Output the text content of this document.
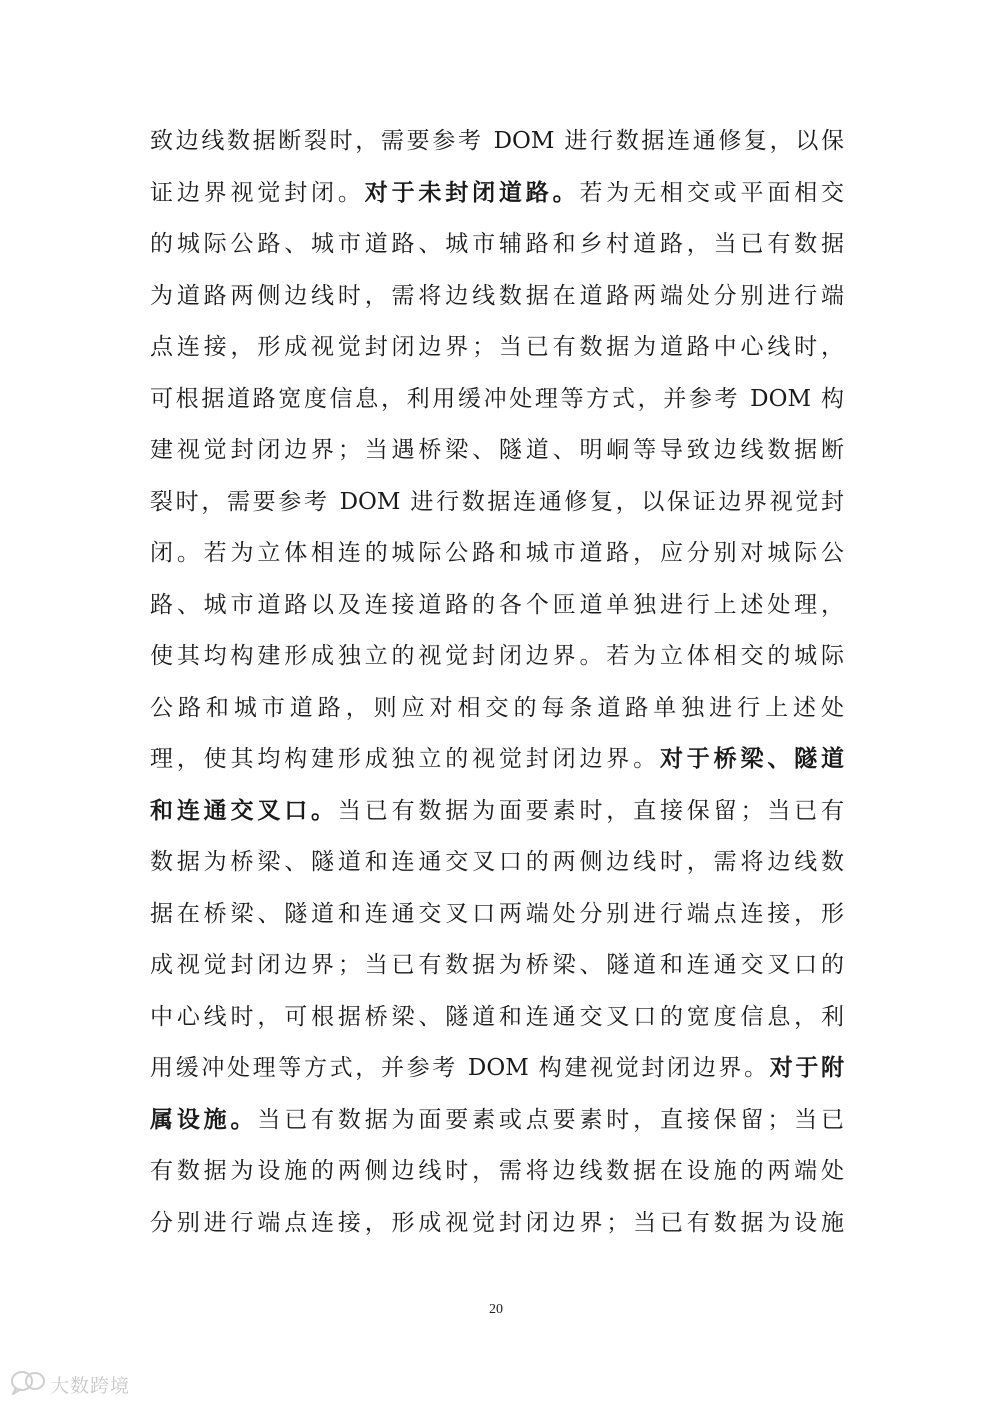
致边线数据断裂时，需要参考 DOM 进行数据连通修复，以保
证边界视觉封闭。对于未封闭道路。若为无相交或平面相交
的城际公路、城市道路、城市辅路和乡村道路，当已有数据
为道路两侧边线时，需将边线数据在道路两端处分别进行端
点连接，形成视觉封闭边界；当已有数据为道路中心线时，
可根据道路宽度信息，利用缓冲处理等方式，并参考 DOM 构
建视觉封闭边界；当遇桥梁、隧道、明峒等导致边线数据断
裂时，需要参考 DOM 进行数据连通修复，以保证边界视觉封
闭。若为立体相连的城际公路和城市道路，应分别对城际公
路、城市道路以及连接道路的各个匝道单独进行上述处理，
使其均构建形成独立的视觉封闭边界。若为立体相交的城际
公路和城市道路，则应对相交的每条道路单独进行上述处
理，使其均构建形成独立的视觉封闭边界。对于桥梁、隧道
和连通交叉口。当已有数据为面要素时，直接保留；当已有
数据为桥梁、隧道和连通交叉口的两侧边线时，需将边线数
据在桥梁、隧道和连通交叉口两端处分别进行端点连接，形
成视觉封闭边界；当已有数据为桥梁、隧道和连通交叉口的
中心线时，可根据桥梁、隧道和连通交叉口的宽度信息，利
用缓冲处理等方式，并参考 DOM 构建视觉封闭边界。对于附
属设施。当已有数据为面要素或点要素时，直接保留；当已
有数据为设施的两侧边线时，需将边线数据在设施的两端处
分别进行端点连接，形成视觉封闭边界；当已有数据为设施
20
大数跨境
